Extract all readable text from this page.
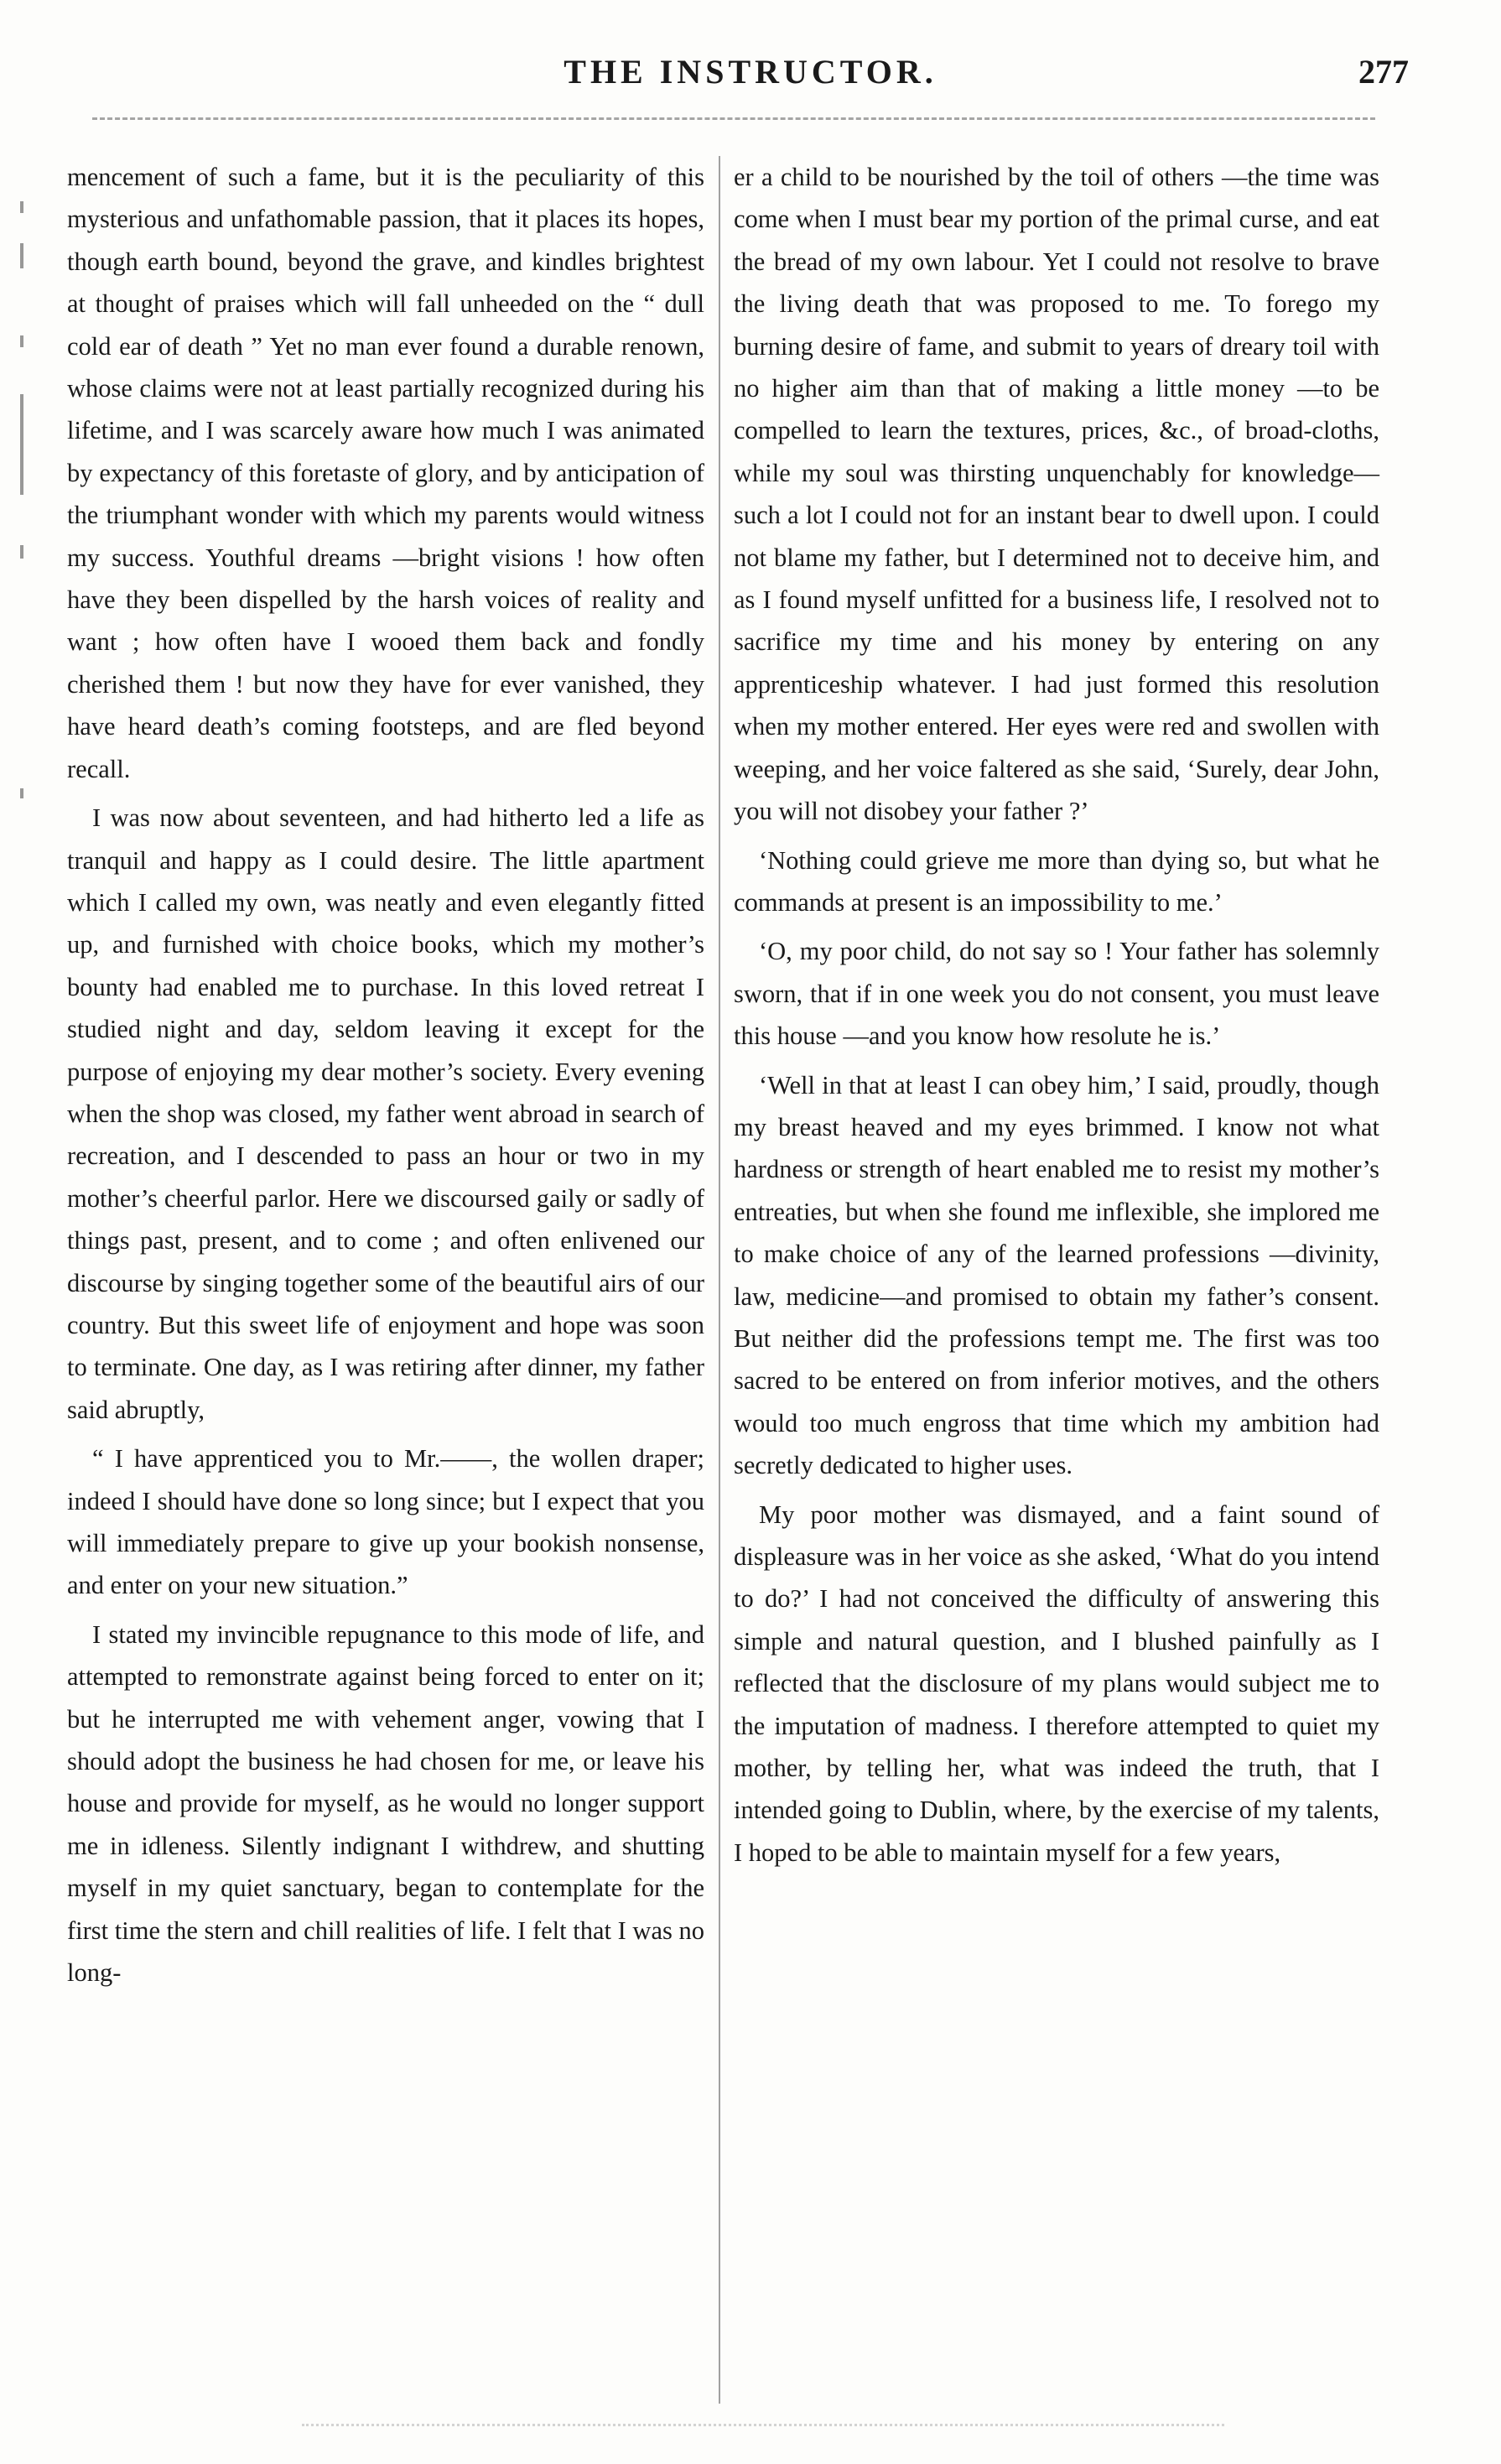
THE INSTRUCTOR.	277

mencement of such a fame, but it is the peculiarity of this mysterious and unfathomable passion, that it places its hopes, though earth bound, beyond the grave, and kindles brightest at thought of praises which will fall unheeded on the “ dull cold ear of death ” Yet no man ever found a durable renown, whose claims were not at least partially recognized during his lifetime, and I was scarcely aware how much I was animated by expectancy of this foretaste of glory, and by anticipation of the triumphant wonder with which my parents would witness my success. Youthful dreams —bright visions ! how often have they been dispelled by the harsh voices of reality and want ; how often have I wooed them back and fondly cherished them ! but now they have for ever vanished, they have heard death’s coming footsteps, and are fled beyond recall.

I was now about seventeen, and had hitherto led a life as tranquil and happy as I could desire. The little apartment which I called my own, was neatly and even elegantly fitted up, and furnished with choice books, which my mother’s bounty had enabled me to purchase. In this loved retreat I studied night and day, seldom leaving it except for the purpose of enjoying my dear mother’s society. Every evening when the shop was closed, my father went abroad in search of recreation, and I descended to pass an hour or two in my mother’s cheerful parlor. Here we discoursed gaily or sadly of things past, present, and to come ; and often enlivened our discourse by singing together some of the beautiful airs of our country. But this sweet life of enjoyment and hope was soon to terminate. One day, as I was retiring after dinner, my father said abruptly,

“ I have apprenticed you to Mr.——, the wollen draper; indeed I should have done so long since; but I expect that you will immediately prepare to give up your bookish nonsense, and enter on your new situation.”

I stated my invincible repugnance to this mode of life, and attempted to remonstrate against being forced to enter on it; but he interrupted me with vehement anger, vowing that I should adopt the business he had chosen for me, or leave his house and provide for myself, as he would no longer support me in idleness. Silently indignant I withdrew, and shutting myself in my quiet sanctuary, began to contemplate for the first time the stern and chill realities of life. I felt that I was no long-

er a child to be nourished by the toil of others —the time was come when I must bear my portion of the primal curse, and eat the bread of my own labour. Yet I could not resolve to brave the living death that was proposed to me. To forego my burning desire of fame, and submit to years of dreary toil with no higher aim than that of making a little money —to be compelled to learn the textures, prices, &c., of broad-cloths, while my soul was thirsting unquenchably for knowledge— such a lot I could not for an instant bear to dwell upon. I could not blame my father, but I determined not to deceive him, and as I found myself unfitted for a business life, I resolved not to sacrifice my time and his money by entering on any apprenticeship whatever. I had just formed this resolution when my mother entered. Her eyes were red and swollen with weeping, and her voice faltered as she said, ‘Surely, dear John, you will not disobey your father ?’

‘Nothing could grieve me more than dying so, but what he commands at present is an impossibility to me.’

‘O, my poor child, do not say so ! Your father has solemnly sworn, that if in one week you do not consent, you must leave this house —and you know how resolute he is.’

‘Well in that at least I can obey him,’ I said, proudly, though my breast heaved and my eyes brimmed. I know not what hardness or strength of heart enabled me to resist my mother’s entreaties, but when she found me inflexible, she implored me to make choice of any of the learned professions —divinity, law, medicine—and promised to obtain my father’s consent. But neither did the professions tempt me. The first was too sacred to be entered on from inferior motives, and the others would too much engross that time which my ambition had secretly dedicated to higher uses.

My poor mother was dismayed, and a faint sound of displeasure was in her voice as she asked, ‘What do you intend to do?’ I had not conceived the difficulty of answering this simple and natural question, and I blushed painfully as I reflected that the disclosure of my plans would subject me to the imputation of madness. I therefore attempted to quiet my mother, by telling her, what was indeed the truth, that I intended going to Dublin, where, by the exercise of my talents, I hoped to be able to maintain myself for a few years,
